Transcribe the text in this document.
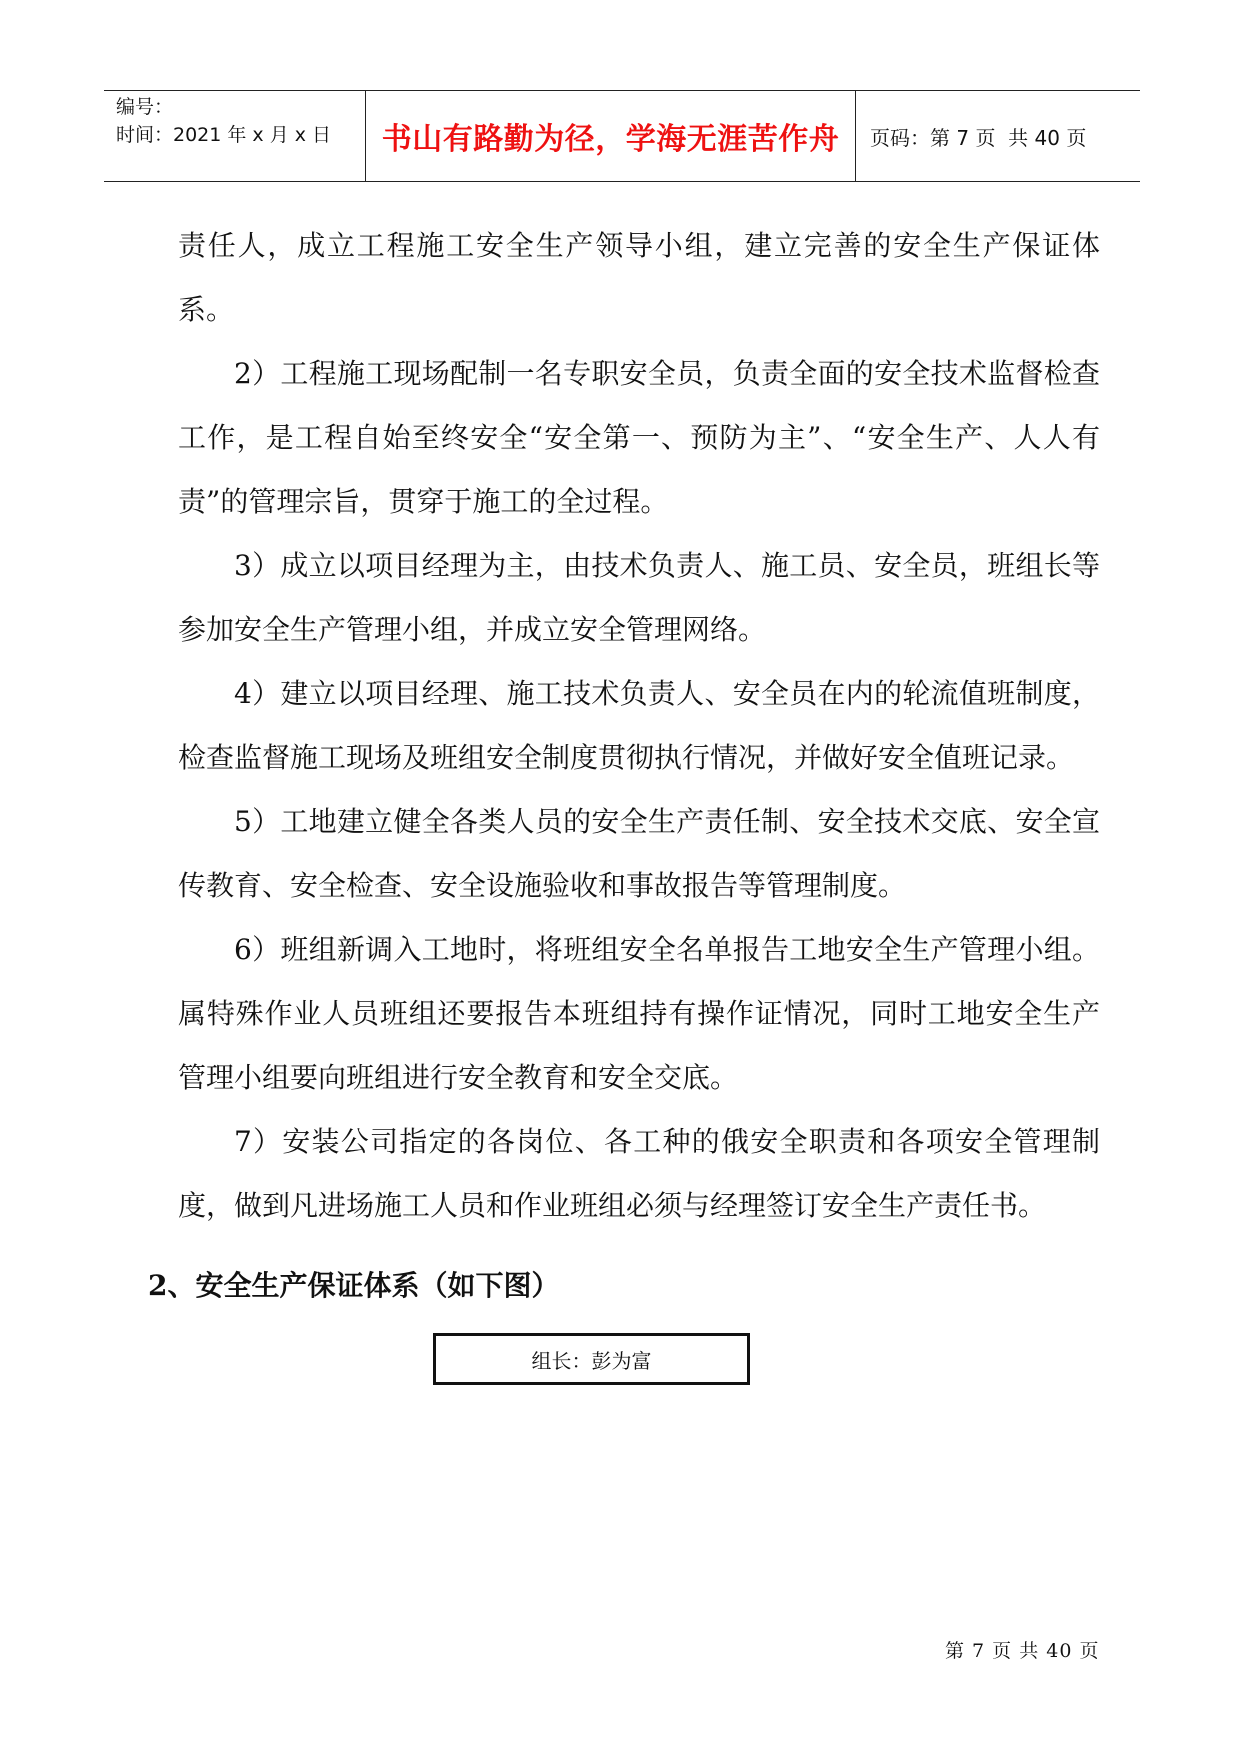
编号：
时间：2021 年 x 月 x 日	书山有路勤为径，学海无涯苦作舟	页码：第 7 页  共 40 页

责任人，成立工程施工安全生产领导小组，建立完善的安全生产保证体系。

2）工程施工现场配制一名专职安全员，负责全面的安全技术监督检查工作，是工程自始至终安全“安全第一、预防为主”、“安全生产、人人有责”的管理宗旨，贯穿于施工的全过程。

3）成立以项目经理为主，由技术负责人、施工员、安全员，班组长等参加安全生产管理小组，并成立安全管理网络。

4）建立以项目经理、施工技术负责人、安全员在内的轮流值班制度，检查监督施工现场及班组安全制度贯彻执行情况，并做好安全值班记录。

5）工地建立健全各类人员的安全生产责任制、安全技术交底、安全宣传教育、安全检查、安全设施验收和事故报告等管理制度。

6）班组新调入工地时，将班组安全名单报告工地安全生产管理小组。属特殊作业人员班组还要报告本班组持有操作证情况，同时工地安全生产管理小组要向班组进行安全教育和安全交底。

7）安装公司指定的各岗位、各工种的俄安全职责和各项安全管理制度，做到凡进场施工人员和作业班组必须与经理签订安全生产责任书。

2、安全生产保证体系（如下图）
组长：彭为富
第 7 页 共 40 页
